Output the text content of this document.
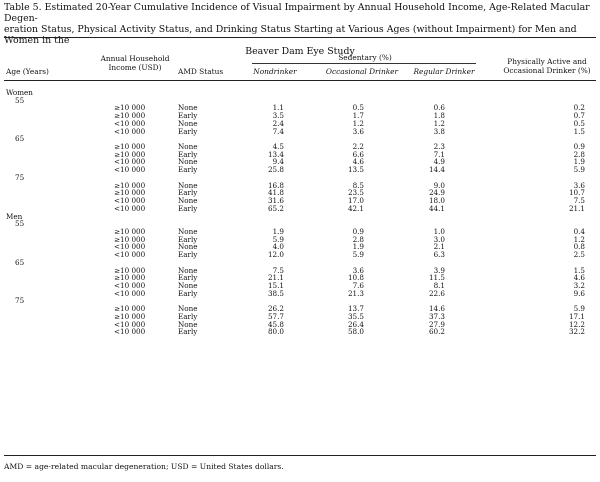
Table 5. Estimated 20-Year Cumulative Incidence of Visual Impairment by Annual Household Income, Age-Related Macular Degen-
eration Status, Physical Activity Status, and Drinking Status Starting at Various Ages (without Impairment) for Men and Women in the
Beaver Dam Eye Study
Age (Years)
Annual Household
Income (USD)	AMD Status
Sedentary (%)
Nondrinker	Occasional Drinker	Regular Drinker
Physically Active and
Occasional Drinker (%)
Women
55
≥10 000	None	1.1	0.5	0.6	0.2
≥10 000	Early	3.5	1.7	1.8	0.7
<10 000	None	2.4	1.2	1.2	0.5
<10 000	Early	7.4	3.6	3.8	1.5
65
≥10 000	None	4.5	2.2	2.3	0.9
≥10 000	Early	13.4	6.6	7.1	2.8
<10 000	None	9.4	4.6	4.9	1.9
<10 000	Early	25.8	13.5	14.4	5.9
75
≥10 000	None	16.8	8.5	9.0	3.6
≥10 000	Early	41.8	23.5	24.9	10.7
<10 000	None	31.6	17.0	18.0	7.5
<10 000	Early	65.2	42.1	44.1	21.1
Men
55
≥10 000	None	1.9	0.9	1.0	0.4
≥10 000	Early	5.9	2.8	3.0	1.2
<10 000	None	4.0	1.9	2.1	0.8
<10 000	Early	12.0	5.9	6.3	2.5
65
≥10 000	None	7.5	3.6	3.9	1.5
≥10 000	Early	21.1	10.8	11.5	4.6
<10 000	None	15.1	7.6	8.1	3.2
<10 000	Early	38.5	21.3	22.6	9.6
75
≥10 000	None	26.2	13.7	14.6	5.9
≥10 000	Early	57.7	35.5	37.3	17.1
<10 000	None	45.8	26.4	27.9	12.2
<10 000	Early	80.0	58.0	60.2	32.2
AMD = age-related macular degeneration; USD = United States dollars.
